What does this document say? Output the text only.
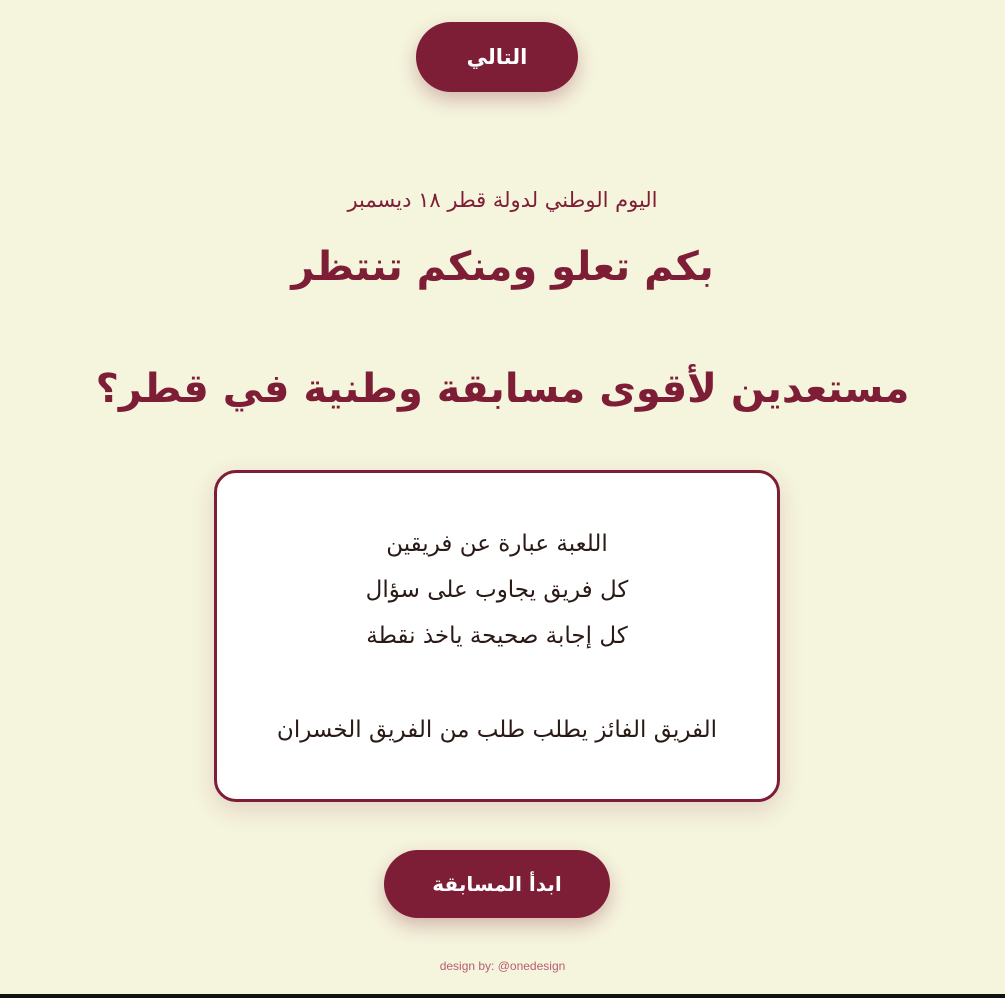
التالي
اليوم الوطني لدولة قطر ١٨ ديسمبر
بكم تعلو ومنكم تنتظر
مستعدين لأقوى مسابقة وطنية في قطر؟
اللعبة عبارة عن فريقين
كل فريق يجاوب على سؤال
كل إجابة صحيحة ياخذ نقطة
الفريق الفائز يطلب طلب من الفريق الخسران
ابدأ المسابقة
design by: @onedesign
